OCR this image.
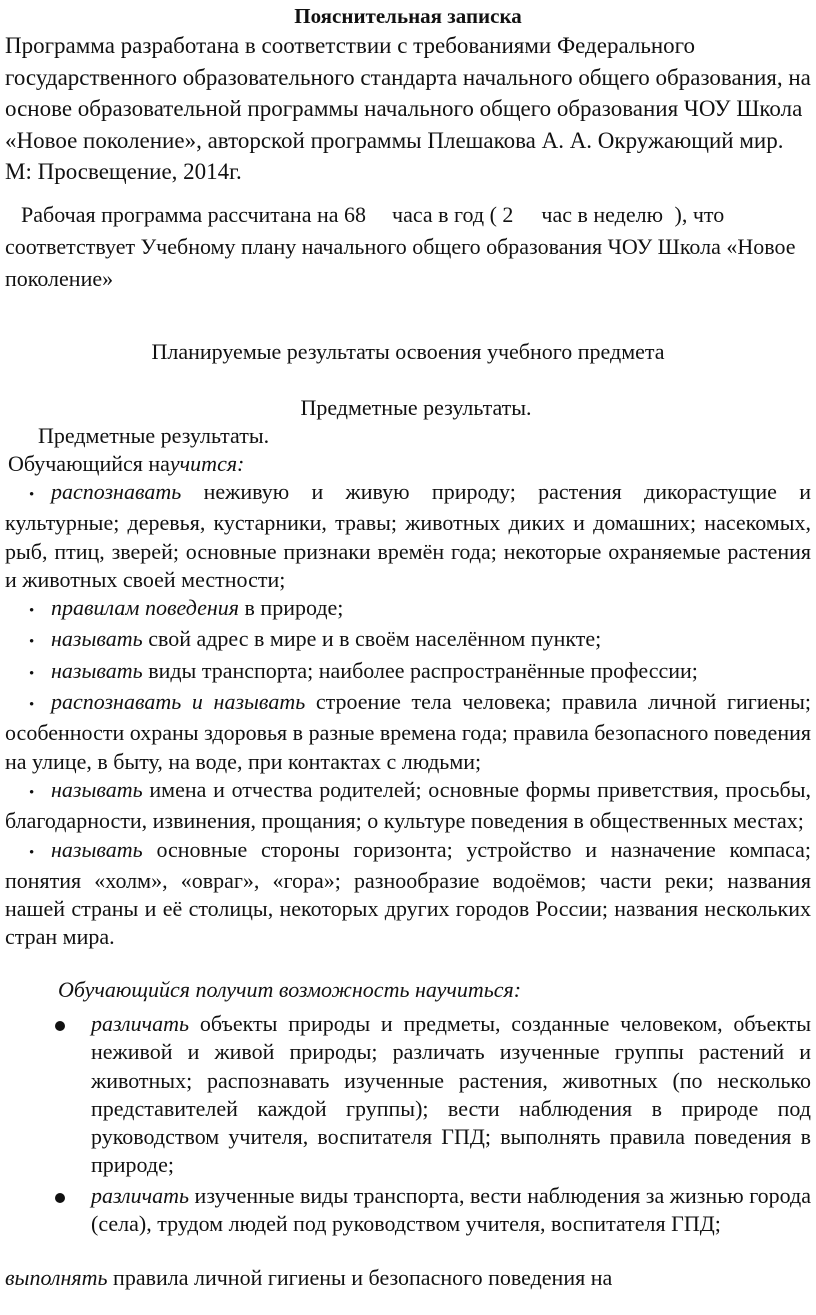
Пояснительная записка

Программа разработана в соответствии с требованиями Федерального государственного образовательного стандарта начального общего образования, на основе образовательной программы начального общего образования ЧОУ Школа «Новое поколение», авторской программы Плешакова А. А. Окружающий мир. М: Просвещение, 2014г.

Рабочая программа рассчитана на 68 часа в год ( 2 час в неделю ), что соответствует Учебному плану начального общего образования ЧОУ Школа «Новое поколение»

Планируемые результаты освоения учебного предмета
Предметные результаты.

Предметные результаты.

Обучающийся научится:

• распознавать неживую и живую природу; растения дикорастущие и культурные; деревья, кустарники, травы; животных диких и домашних; насекомых, рыб, птиц, зверей; основные признаки времён года; некоторые охраняемые растения и животных своей местности;
• правилам поведения в природе;
• называть свой адрес в мире и в своём населённом пункте;
• называть виды транспорта; наиболее распространённые профессии;
• распознавать и называть строение тела человека; правила личной гигиены; особенности охраны здоровья в разные времена года; правила безопасного поведения на улице, в быту, на воде, при контактах с людьми;
• называть имена и отчества родителей; основные формы приветствия, просьбы, благодарности, извинения, прощания; о культуре поведения в общественных местах;
• называть основные стороны горизонта; устройство и назначение компаса; понятия «холм», «овраг», «гора»; разнообразие водоёмов; части реки; названия нашей страны и её столицы, некоторых других городов России; названия нескольких стран мира.

Обучающийся получит возможность научиться:

различать объекты природы и предметы, созданные человеком, объекты неживой и живой природы; различать изученные группы растений и животных; распознавать изученные растения, животных (по несколько представителей каждой группы); вести наблюдения в природе под руководством учителя, воспитателя ГПД; выполнять правила поведения в природе;
различать изученные виды транспорта, вести наблюдения за жизнью города (села), трудом людей под руководством учителя, воспитателя ГПД;

выполнять правила личной гигиены и безопасного поведения на
